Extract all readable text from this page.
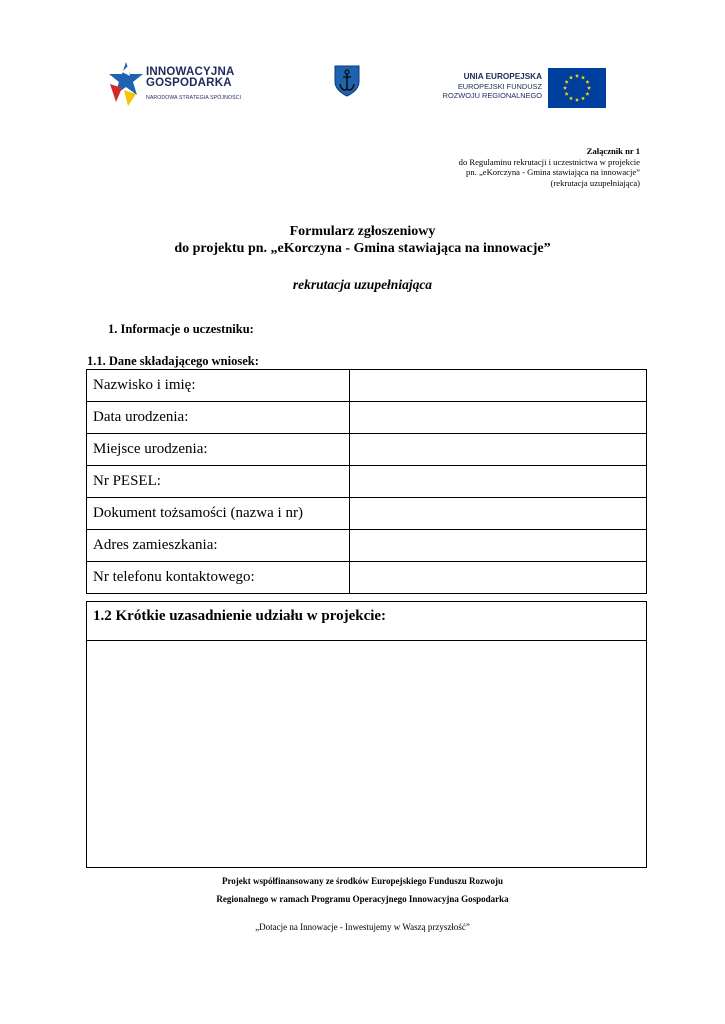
INNOWACYJNA
GOSPODARKA
NARODOWA STRATEGIA SPÓJNOŚCI
UNIA EUROPEJSKA
EUROPEJSKI FUNDUSZ
ROZWOJU REGIONALNEGO
Załącznik nr 1
do Regulaminu rekrutacji i uczestnictwa w projekcie
pn. „eKorczyna - Gmina stawiająca na innowacje”
(rekrutacja uzupełniająca)
Formularz zgłoszeniowy
do projektu pn. „eKorczyna - Gmina stawiająca na innowacje”
rekrutacja uzupełniająca
1. Informacje o uczestniku:
1.1. Dane składającego wniosek:
Nazwisko i imię:	
Data urodzenia:	
Miejsce urodzenia:	
Nr PESEL:	
Dokument tożsamości (nazwa i nr)	
Adres zamieszkania:	
Nr telefonu kontaktowego:	
1.2 Krótkie uzasadnienie udziału w projekcie:
Projekt współfinansowany ze środków Europejskiego Funduszu Rozwoju
Regionalnego w ramach Programu Operacyjnego Innowacyjna Gospodarka
„Dotacje na Innowacje - Inwestujemy w Waszą przyszłość”
